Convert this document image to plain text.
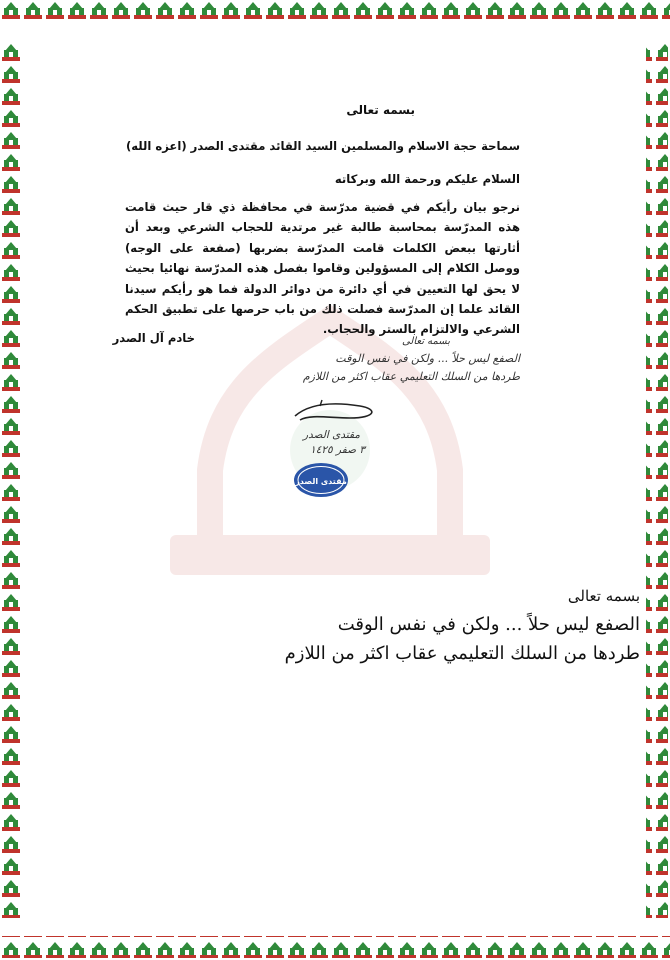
بسمه تعالى
سماحة حجة الاسلام والمسلمين السيد القائد مقتدى الصدر (اعزه الله)
السلام عليكم ورحمة الله وبركاته
نرجو بيان رأيكم في قضية مدرّسة في محافظة ذي قار حيث قامت هذه المدرّسة بمحاسبة طالبة غير مرتدية للحجاب الشرعي وبعد أن أثارتها ببعض الكلمات قامت المدرّسة بضربها (صفعة على الوجه) ووصل الكلام إلى المسؤولين وقاموا بفصل هذه المدرّسة نهائيا بحيث لا يحق لها التعيين في أي دائرة من دوائر الدولة فما هو رأيكم سيدنا القائد علما إن المدرّسة فصلت ذلك من باب حرصها على تطبيق الحكم الشرعي والالتزام بالستر والحجاب.
خادم آل الصدر	بسمه تعالى
الصفع ليس حلاً ... ولكن في نفس الوقت
طردها من السلك التعليمي عقاب اكثر من اللازم
مقتدى الصدر
٣ صفر ١٤٢٥
مقتدى الصدر
بسمه تعالى
الصفع ليس حلاً ... ولكن في نفس الوقت
طردها من السلك التعليمي عقاب اكثر من اللازم
